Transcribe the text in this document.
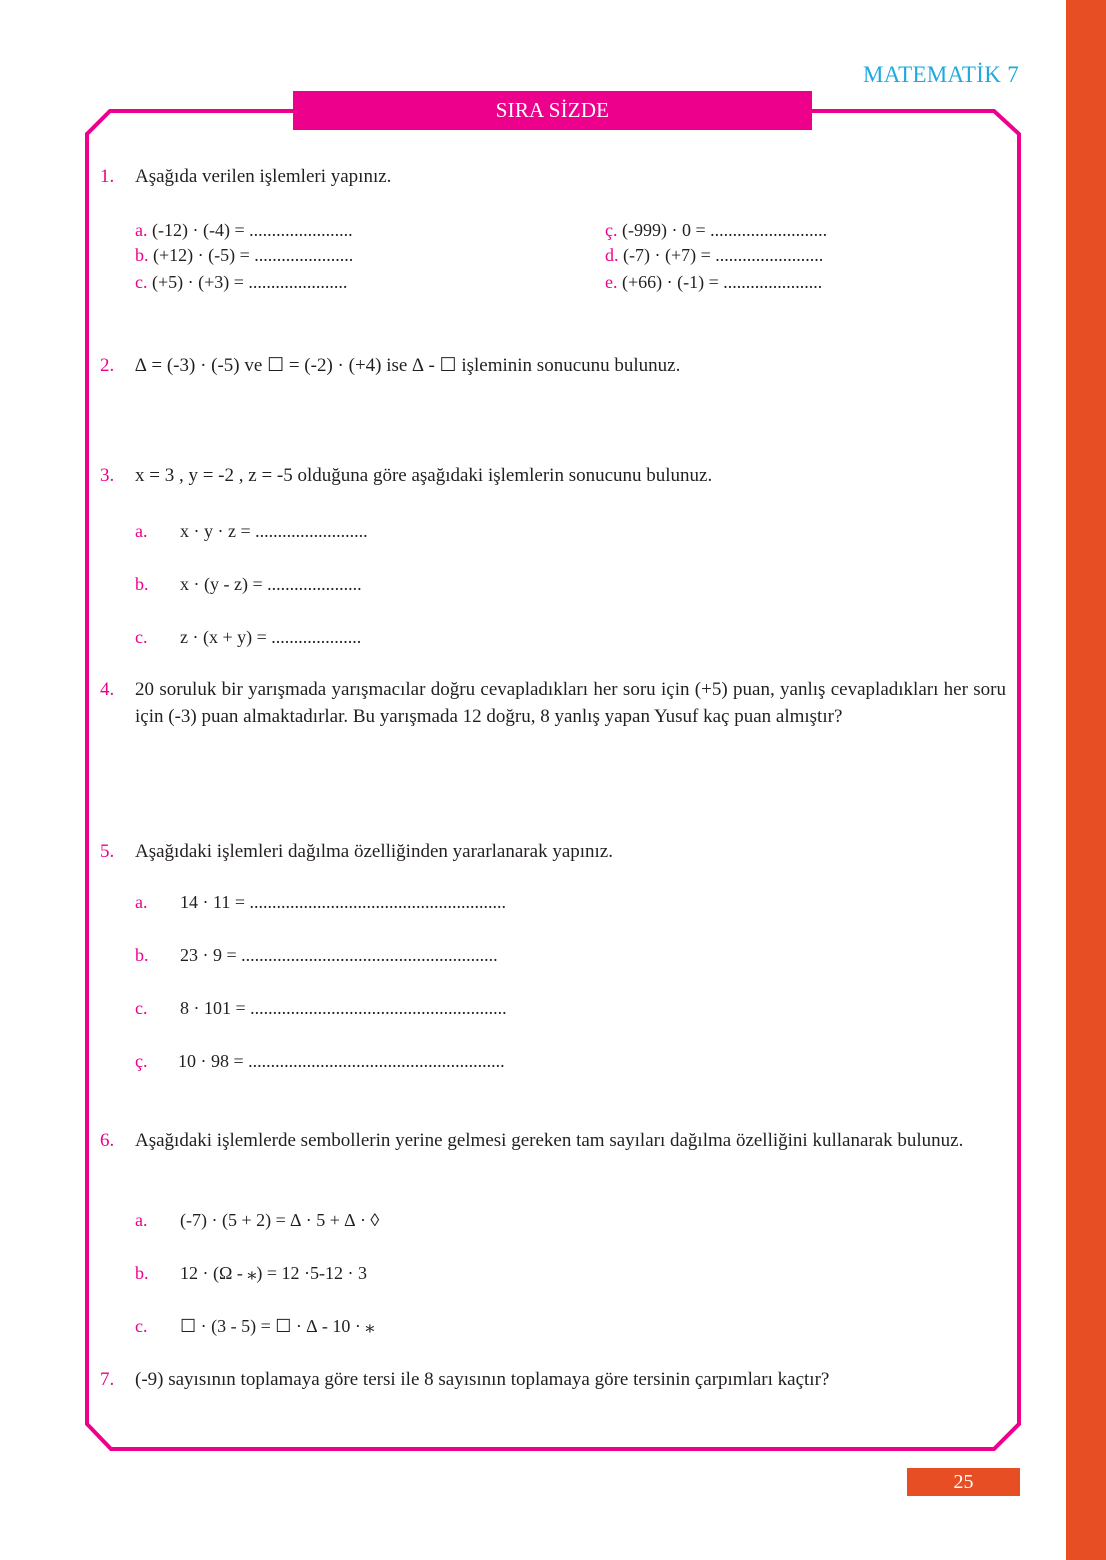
MATEMATİK 7
SIRA SİZDE
1. Aşağıda verilen işlemleri yapınız.
a. (-12) · (-4) = .......................
b. (+12) · (-5) = ......................
c. (+5) · (+3) = ......................
ç. (-999) · 0 = ..........................
d. (-7) · (+7) = ........................
e. (+66) · (-1) = ......................
2. ∆ = (-3) · (-5) ve ☐ = (-2) · (+4) ise ∆ - ☐ işleminin sonucunu bulunuz.
3. x = 3 , y = -2 , z = -5 olduğuna göre aşağıdaki işlemlerin sonucunu bulunuz.
a. x · y · z = .........................
b. x · (y - z) = .....................
c. z · (x + y) = ....................
4. 20 soruluk bir yarışmada yarışmacılar doğru cevapladıkları her soru için (+5) puan, yanlış cevapladıkları her soru için (-3) puan almaktadırlar. Bu yarışmada 12 doğru, 8 yanlış yapan Yusuf kaç puan almıştır?
5. Aşağıdaki işlemleri dağılma özelliğinden yararlanarak yapınız.
a. 14 · 11 = .........................................................
b. 23 · 9 = .........................................................
c. 8 · 101 = .........................................................
ç. 10 · 98 = .........................................................
6. Aşağıdaki işlemlerde sembollerin yerine gelmesi gereken tam sayıları dağılma özelliğini kullanarak bulunuz.
a. (-7) · (5 + 2) = ∆ · 5 + ∆ · ◊
b. 12 · (Ω - ⁎) = 12 ·5-12 · 3
c. ☐ · (3 - 5) = ☐ · ∆ - 10 · ⁎
7. (-9) sayısının toplamaya göre tersi ile 8 sayısının toplamaya göre tersinin çarpımları kaçtır?
25
